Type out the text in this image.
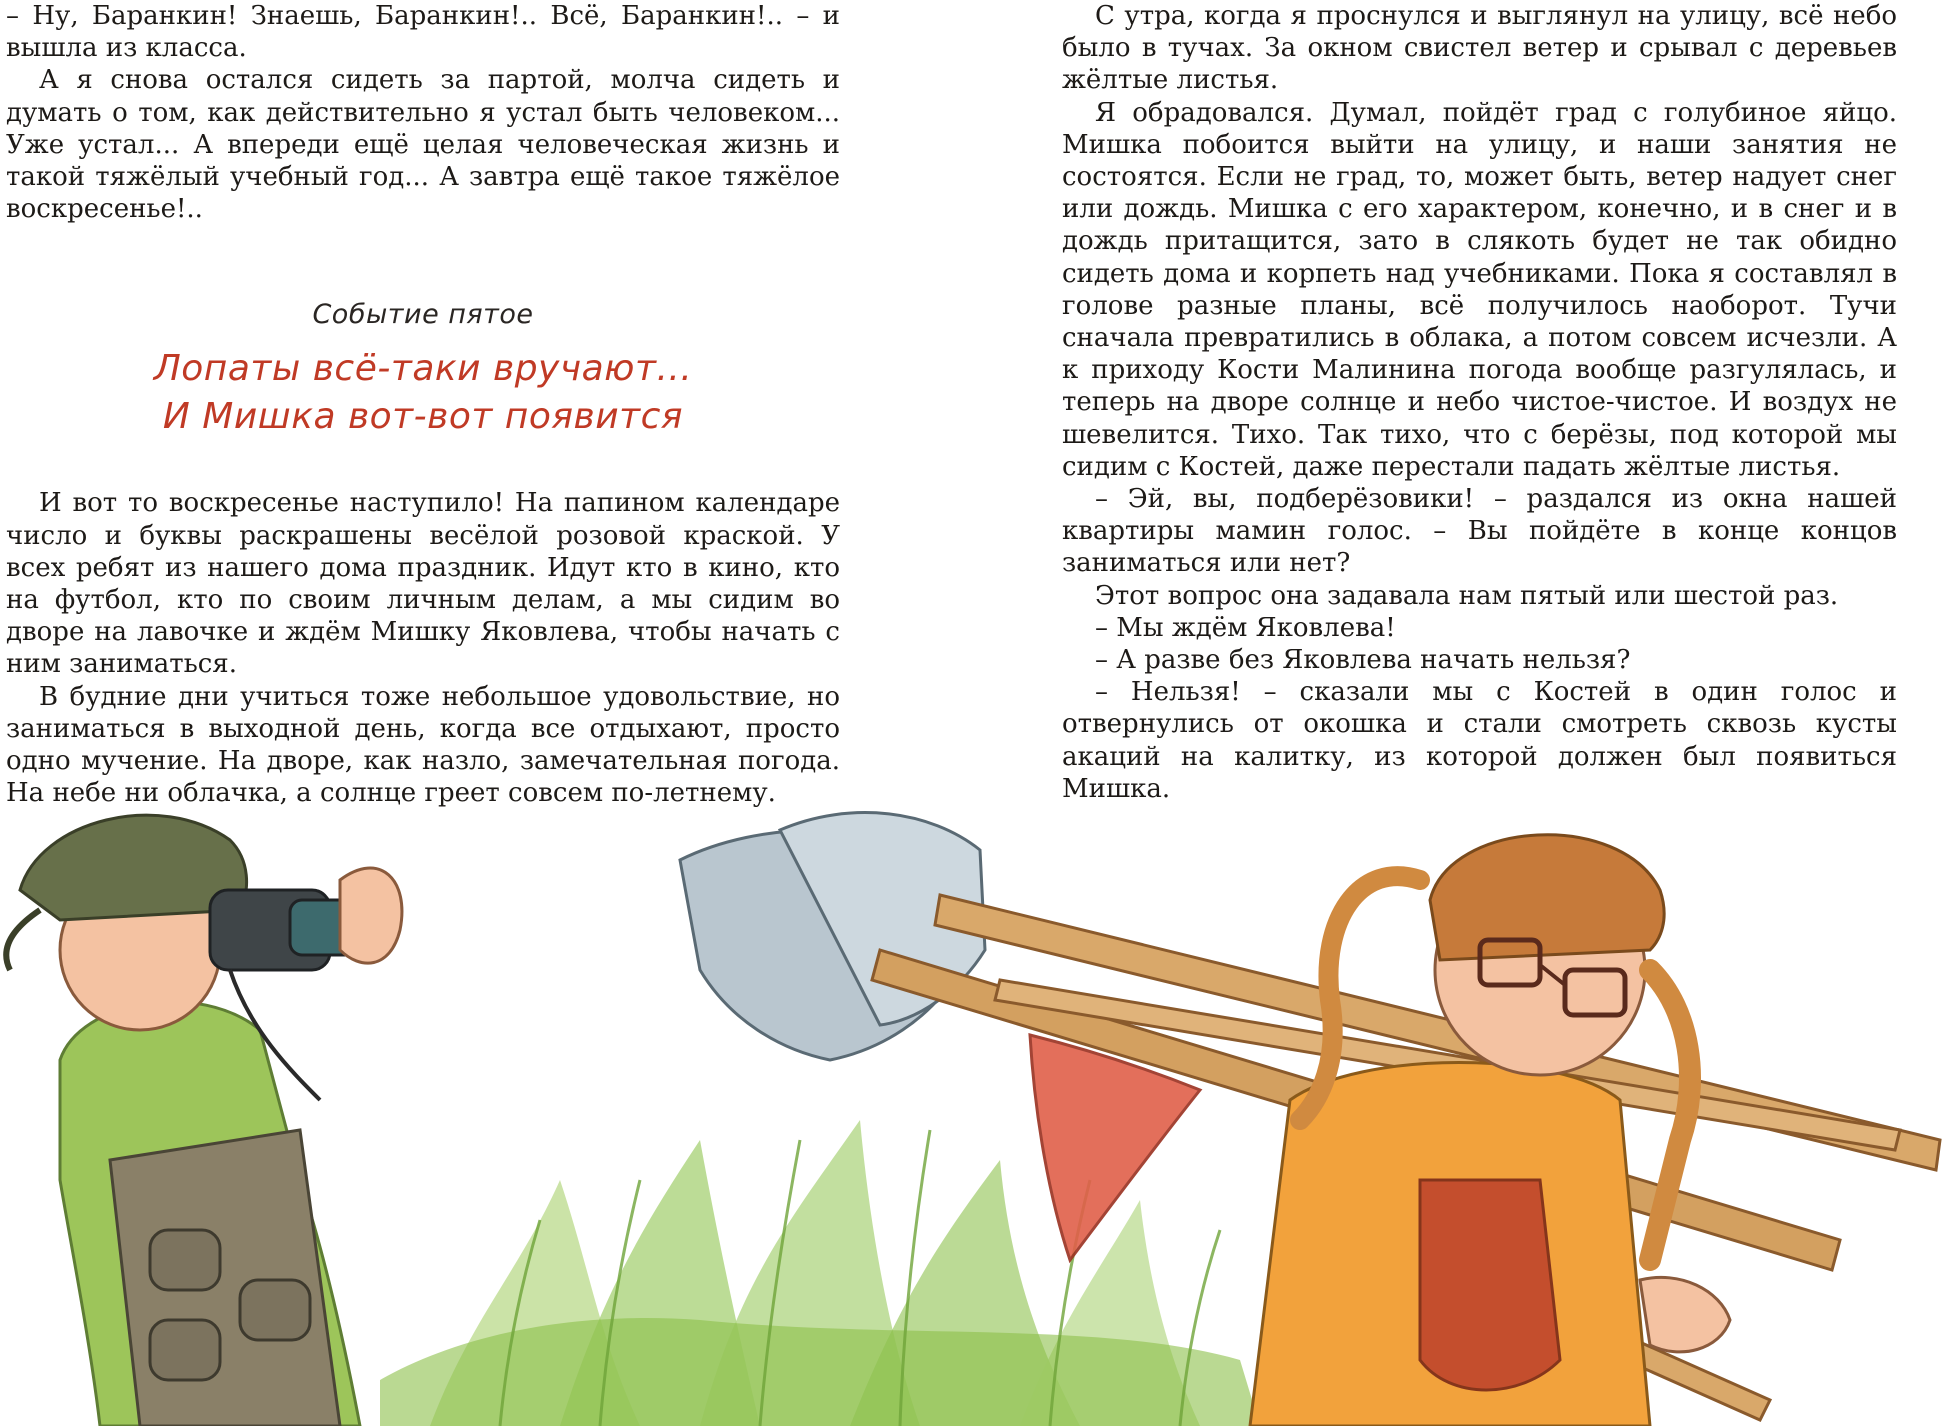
– Ну, Баранкин! Знаешь, Баранкин!.. Всё, Баранкин!.. – и вышла из класса.

А я снова остался сидеть за партой, молча сидеть и думать о том, как действительно я устал быть человеком... Уже устал... А впереди ещё целая человеческая жизнь и такой тяжёлый учебный год... А завтра ещё такое тяжёлое воскресенье!..

Событие пятое
Лопаты всё-таки вручают...
И Мишка вот-вот появится

И вот то воскресенье наступило! На папином календаре число и буквы раскрашены весёлой розовой краской. У всех ребят из нашего дома праздник. Идут кто в кино, кто на футбол, кто по своим личным делам, а мы сидим во дворе на лавочке и ждём Мишку Яковлева, чтобы начать с ним заниматься.

В будние дни учиться тоже небольшое удовольствие, но заниматься в выходной день, когда все отдыхают, просто одно мучение. На дворе, как назло, замечательная погода. На небе ни облачка, а солнце греет совсем по-летнему.

С утра, когда я проснулся и выглянул на улицу, всё небо было в тучах. За окном свистел ветер и срывал с деревьев жёлтые листья.

Я обрадовался. Думал, пойдёт град с голубиное яйцо. Мишка побоится выйти на улицу, и наши занятия не состоятся. Если не град, то, может быть, ветер надует снег или дождь. Мишка с его характером, конечно, и в снег и в дождь притащится, зато в слякоть будет не так обидно сидеть дома и корпеть над учебниками. Пока я составлял в голове разные планы, всё получилось наоборот. Тучи сначала превратились в облака, а потом совсем исчезли. А к приходу Кости Малинина погода вообще разгулялась, и теперь на дворе солнце и небо чистое-чистое. И воздух не шевелится. Тихо. Так тихо, что с берёзы, под которой мы сидим с Костей, даже перестали падать жёлтые листья.

– Эй, вы, подберёзовики! – раздался из окна нашей квартиры мамин голос. – Вы пойдёте в конце концов заниматься или нет?

Этот вопрос она задавала нам пятый или шестой раз.

– Мы ждём Яковлева!

– А разве без Яковлева начать нельзя?

– Нельзя! – сказали мы с Костей в один голос и отвернулись от окошка и стали смотреть сквозь кусты акаций на калитку, из которой должен был появиться Мишка.
